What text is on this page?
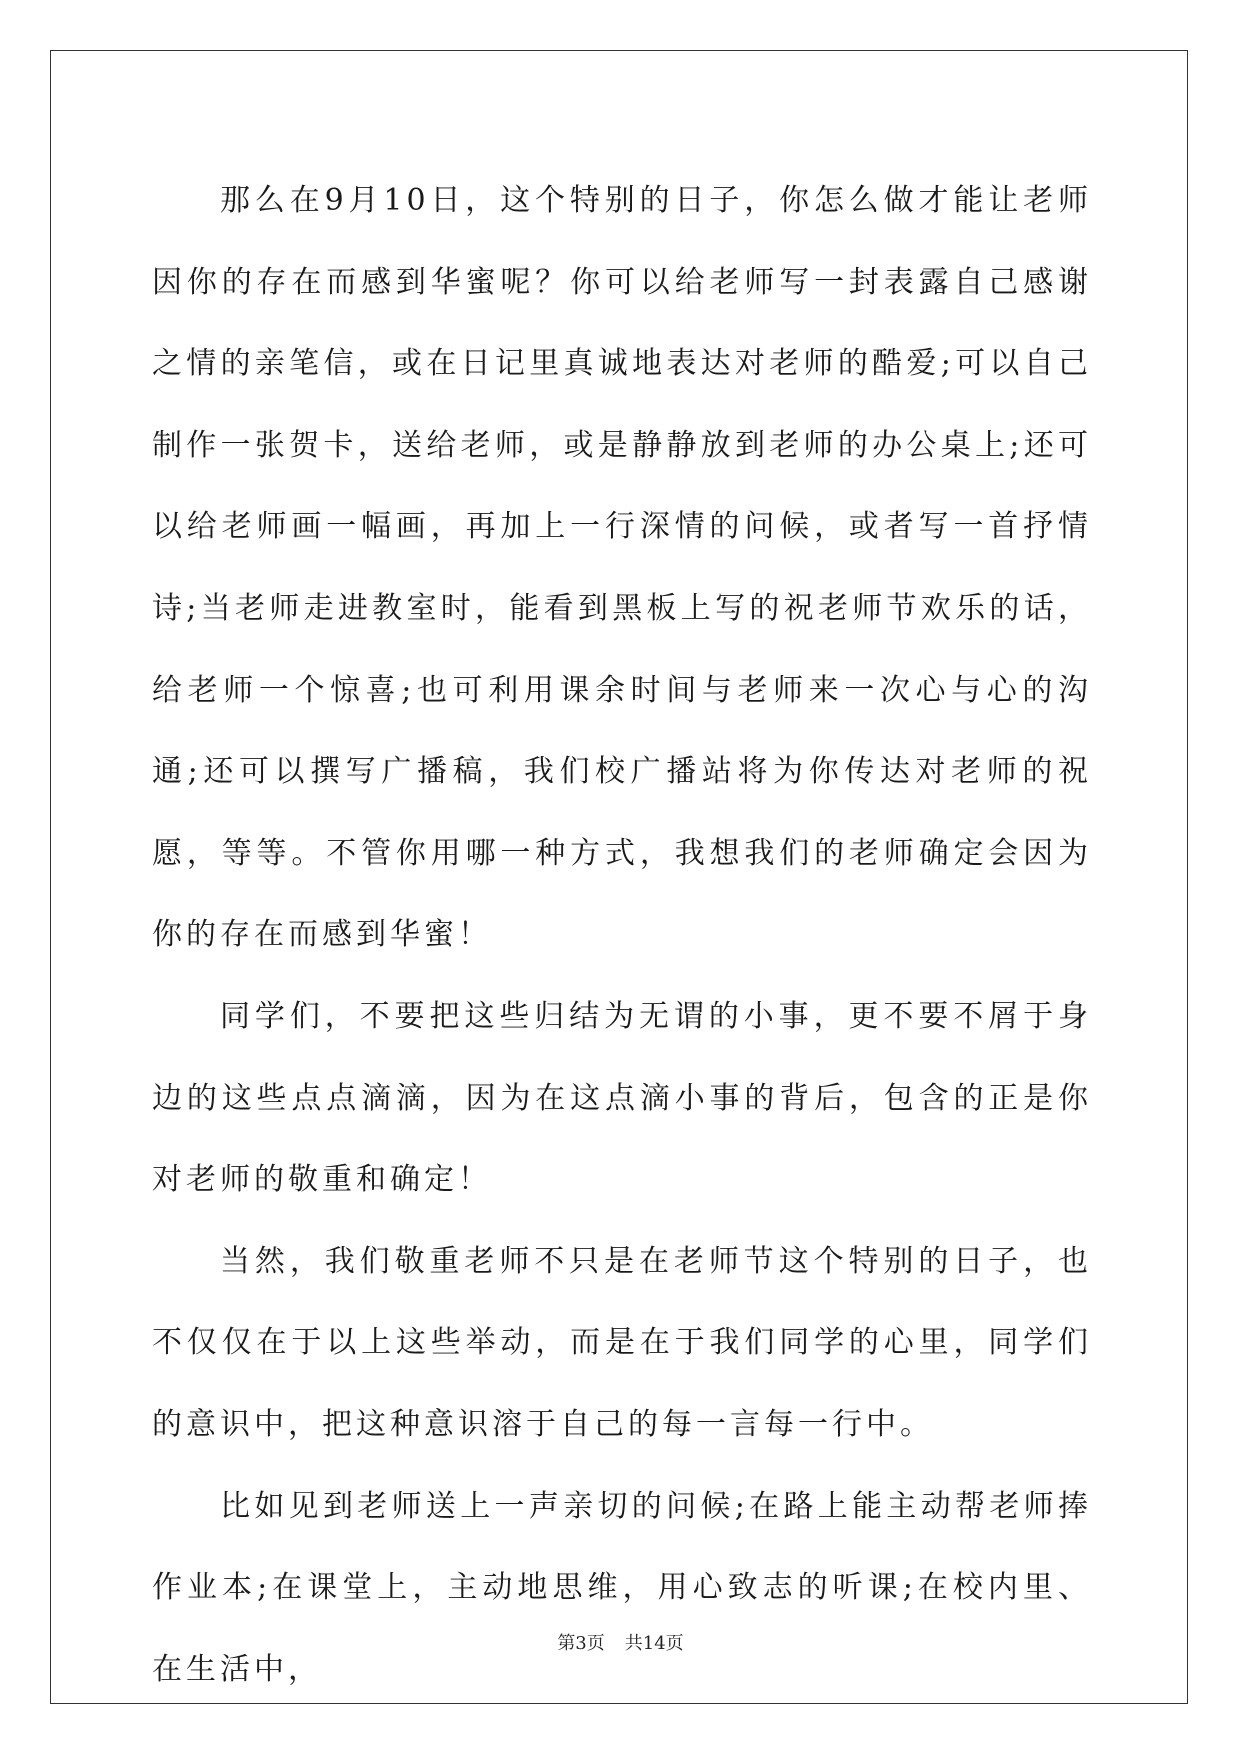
那么在9月10日，这个特别的日子，你怎么做才能让老师因你的存在而感到华蜜呢？你可以给老师写一封表露自己感谢之情的亲笔信，或在日记里真诚地表达对老师的酷爱;可以自己制作一张贺卡，送给老师，或是静静放到老师的办公桌上;还可以给老师画一幅画，再加上一行深情的问候，或者写一首抒情诗;当老师走进教室时，能看到黑板上写的祝老师节欢乐的话，给老师一个惊喜;也可利用课余时间与老师来一次心与心的沟通;还可以撰写广播稿，我们校广播站将为你传达对老师的祝愿，等等。不管你用哪一种方式，我想我们的老师确定会因为你的存在而感到华蜜！

同学们，不要把这些归结为无谓的小事，更不要不屑于身边的这些点点滴滴，因为在这点滴小事的背后，包含的正是你对老师的敬重和确定！

当然，我们敬重老师不只是在老师节这个特别的日子，也不仅仅在于以上这些举动，而是在于我们同学的心里，同学们的意识中，把这种意识溶于自己的每一言每一行中。

比如见到老师送上一声亲切的问候;在路上能主动帮老师捧作业本;在课堂上，主动地思维，用心致志的听课;在校内里、在生活中，

第3页 共14页
